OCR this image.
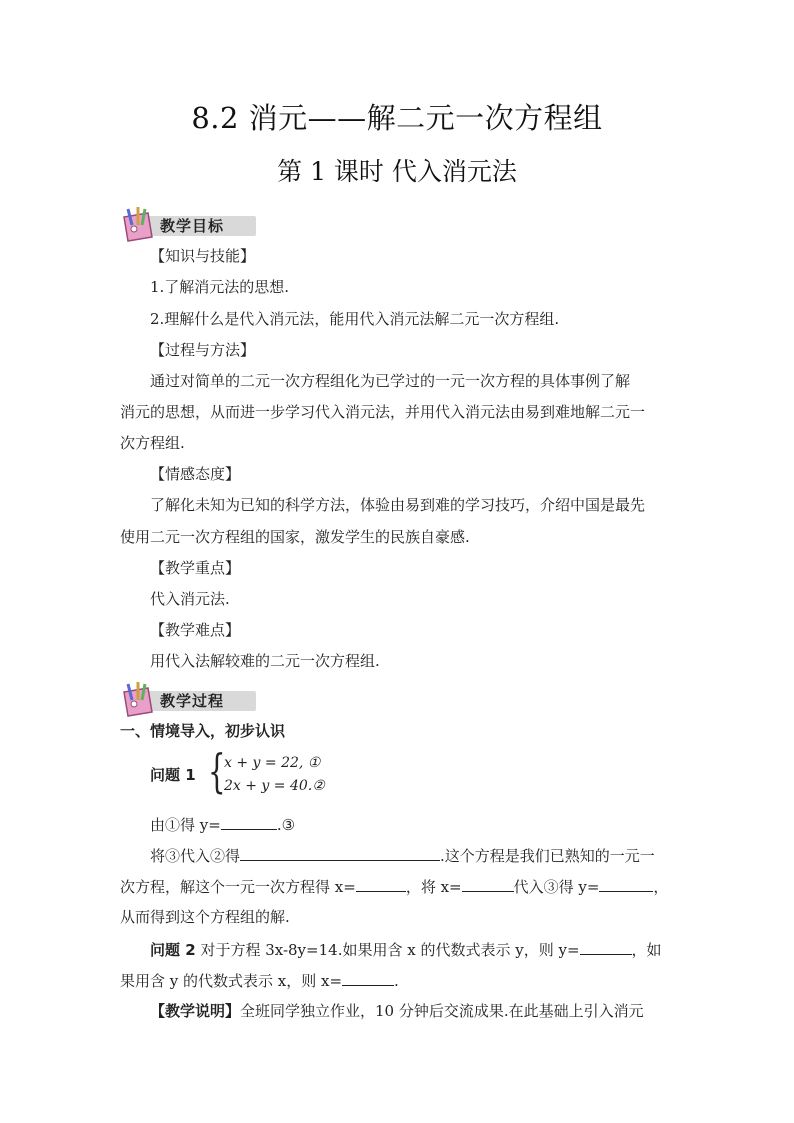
8.2 消元——解二元一次方程组
第 1 课时 代入消元法
教学目标
【知识与技能】
1.了解消元法的思想.
2.理解什么是代入消元法，能用代入消元法解二元一次方程组.
【过程与方法】
通过对简单的二元一次方程组化为已学过的一元一次方程的具体事例了解
消元的思想，从而进一步学习代入消元法，并用代入消元法由易到难地解二元一
次方程组.
【情感态度】
了解化未知为已知的科学方法，体验由易到难的学习技巧，介绍中国是最先
使用二元一次方程组的国家，激发学生的民族自豪感.
【教学重点】
代入消元法.
【教学难点】
用代入法解较难的二元一次方程组.
教学过程
一、情境导入，初步认识
问题 1 {
x + y = 22, ①
2x + y = 40.②
由①得 y=	.③
将③代入②得	.这个方程是我们已熟知的一元一
次方程，解这个一元一次方程得 x=	，将 x=	代入③得 y=	，
从而得到这个方程组的解.
问题 2 对于方程 3x-8y=14.如果用含 x 的代数式表示 y，则 y=	，如
果用含 y 的代数式表示 x，则 x=	.
【教学说明】全班同学独立作业，10 分钟后交流成果.在此基础上引入消元
